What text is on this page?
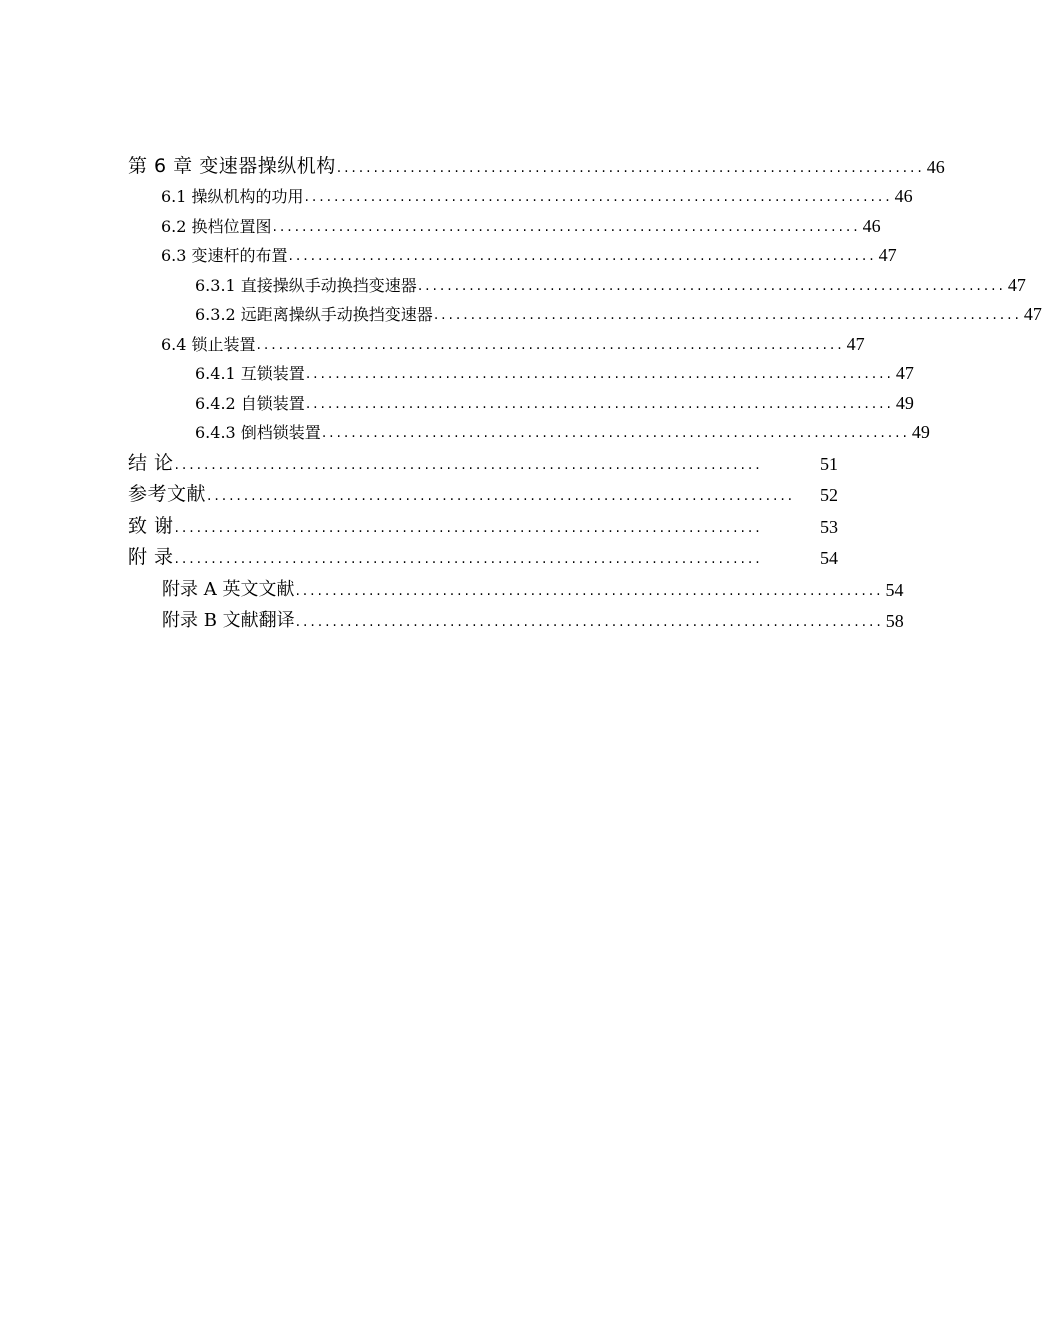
第 6 章 变速器操纵机构 ................................................................................ 46
6.1 操纵机构的功用 ................................................................................ 46
6.2 换档位置图 ................................................................................ 46
6.3 变速杆的布置 ................................................................................ 47
6.3.1 直接操纵手动换挡变速器 ................................................................................ 47
6.3.2 远距离操纵手动换挡变速器 ................................................................................ 47
6.4 锁止装置 ................................................................................ 47
6.4.1 互锁装置 ................................................................................ 47
6.4.2 自锁装置 ................................................................................ 49
6.4.3 倒档锁装置 ................................................................................ 49
结 论 ................................................................................	51
参考文献 ................................................................................	52
致 谢 ................................................................................	53
附 录 ................................................................................	54
附录 A 英文文献 ................................................................................ 54
附录 B 文献翻译 ................................................................................ 58
